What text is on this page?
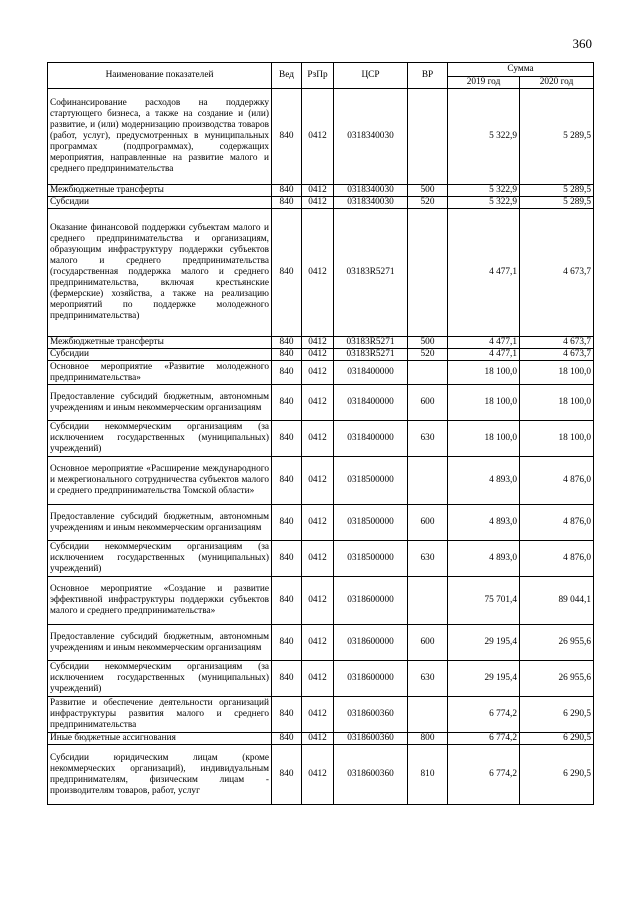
360
Наименование показателей	Вед	РзПр	ЦСР	ВР	Сумма	
					2019 год	2020 год
Софинансирование расходов на поддержку стартующего бизнеса, а также на создание и (или) развитие, и (или) модернизацию производства товаров (работ, услуг), предусмотренных в муниципальных программах (подпрограммах), содержащих мероприятия, направленные на развитие малого и среднего предпринимательства	840	0412	0318340030		5 322,9	5 289,5
Межбюджетные трансферты	840	0412	0318340030	500	5 322,9	5 289,5
Субсидии	840	0412	0318340030	520	5 322,9	5 289,5
Оказание финансовой поддержки субъектам малого и среднего предпринимательства и организациям, образующим инфраструктуру поддержки субъектов малого и среднего предпринимательства (государственная поддержка малого и среднего предпринимательства, включая крестьянские (фермерские) хозяйства, а также на реализацию мероприятий по поддержке молодежного предпринимательства)	840	0412	03183R5271		4 477,1	4 673,7
Межбюджетные трансферты	840	0412	03183R5271	500	4 477,1	4 673,7
Субсидии	840	0412	03183R5271	520	4 477,1	4 673,7
Основное мероприятие «Развитие молодежного предпринимательства»	840	0412	0318400000		18 100,0	18 100,0
Предоставление субсидий бюджетным, автономным учреждениям и иным некоммерческим организациям	840	0412	0318400000	600	18 100,0	18 100,0
Субсидии некоммерческим организациям (за исключением государственных (муниципальных) учреждений)	840	0412	0318400000	630	18 100,0	18 100,0
Основное мероприятие «Расширение международного и межрегионального сотрудничества субъектов малого и среднего предпринимательства Томской области»	840	0412	0318500000		4 893,0	4 876,0
Предоставление субсидий бюджетным, автономным учреждениям и иным некоммерческим организациям	840	0412	0318500000	600	4 893,0	4 876,0
Субсидии некоммерческим организациям (за исключением государственных (муниципальных) учреждений)	840	0412	0318500000	630	4 893,0	4 876,0
Основное мероприятие «Создание и развитие эффективной инфраструктуры поддержки субъектов малого и среднего предпринимательства»	840	0412	0318600000		75 701,4	89 044,1
Предоставление субсидий бюджетным, автономным учреждениям и иным некоммерческим организациям	840	0412	0318600000	600	29 195,4	26 955,6
Субсидии некоммерческим организациям (за исключением государственных (муниципальных) учреждений)	840	0412	0318600000	630	29 195,4	26 955,6
Развитие и обеспечение деятельности организаций инфраструктуры развития малого и среднего предпринимательства	840	0412	0318600360		6 774,2	6 290,5
Иные бюджетные ассигнования	840	0412	0318600360	800	6 774,2	6 290,5
Субсидии юридическим лицам (кроме некоммерческих организаций), индивидуальным предпринимателям, физическим лицам - производителям товаров, работ, услуг	840	0412	0318600360	810	6 774,2	6 290,5
